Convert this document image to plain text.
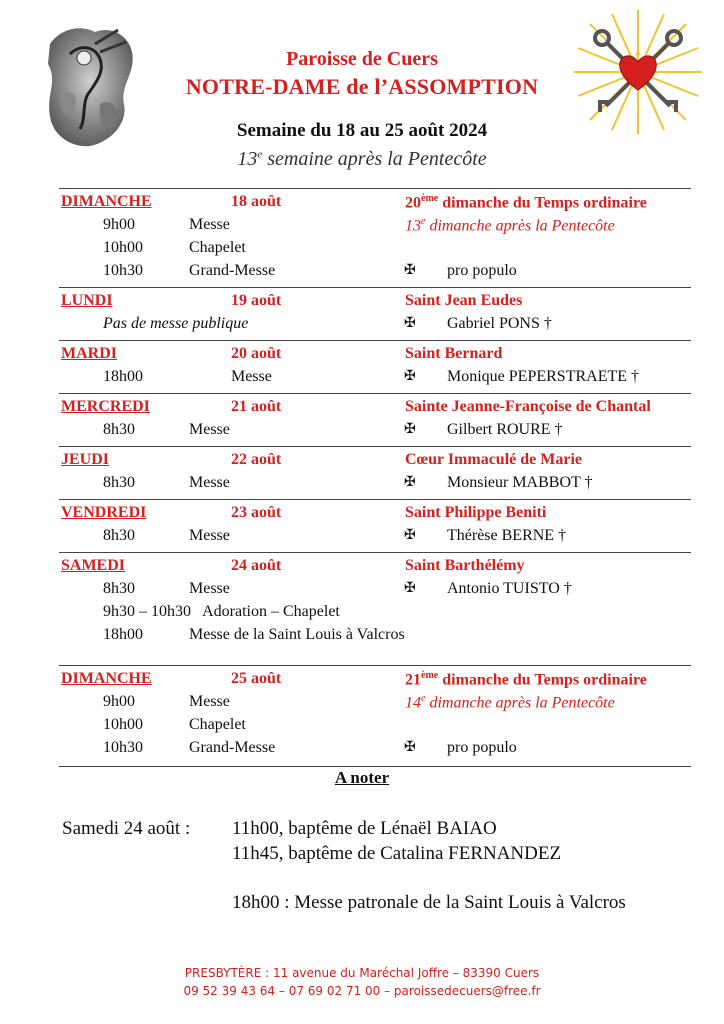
Paroisse de Cuers

NOTRE-DAME de l’ASSOMPTION

Semaine du 18 au 25 août 2024

13e semaine après la Pentecôte

DIMANCHE	18 août	20ème dimanche du Temps ordinaire
9h00	Messe	13e dimanche après la Pentecôte
10h00	Chapelet
10h30	Grand-Messe	✠ pro populo
LUNDI	19 août	Saint Jean Eudes
Pas de messe publique	✠ Gabriel PONS †
MARDI	20 août	Saint Bernard
18h00	Messe	✠ Monique PEPERSTRAETE †
MERCREDI	21 août	Sainte Jeanne-Françoise de Chantal
8h30	Messe	✠ Gilbert ROURE †
JEUDI	22 août	Cœur Immaculé de Marie
8h30	Messe	✠ Monsieur MABBOT †
VENDREDI	23 août	Saint Philippe Beniti
8h30	Messe	✠ Thérèse BERNE †
SAMEDI	24 août	Saint Barthélémy
8h30	Messe	✠ Antonio TUISTO †
9h30 – 10h30   Adoration – Chapelet
18h00	Messe de la Saint Louis à Valcros
DIMANCHE	25 août	21ème dimanche du Temps ordinaire
9h00	Messe	14e dimanche après la Pentecôte
10h00	Chapelet
10h30	Grand-Messe	✠ pro populo
A noter
Samedi 24 août : 11h00, baptême de Lénaël BAIAO
11h45, baptême de Catalina FERNANDEZ
18h00 : Messe patronale de la Saint Louis à Valcros
PRESBYTÈRE : 11 avenue du Maréchal Joffre – 83390 Cuers
09 52 39 43 64 – 07 69 02 71 00 – paroissedecuers@free.fr
